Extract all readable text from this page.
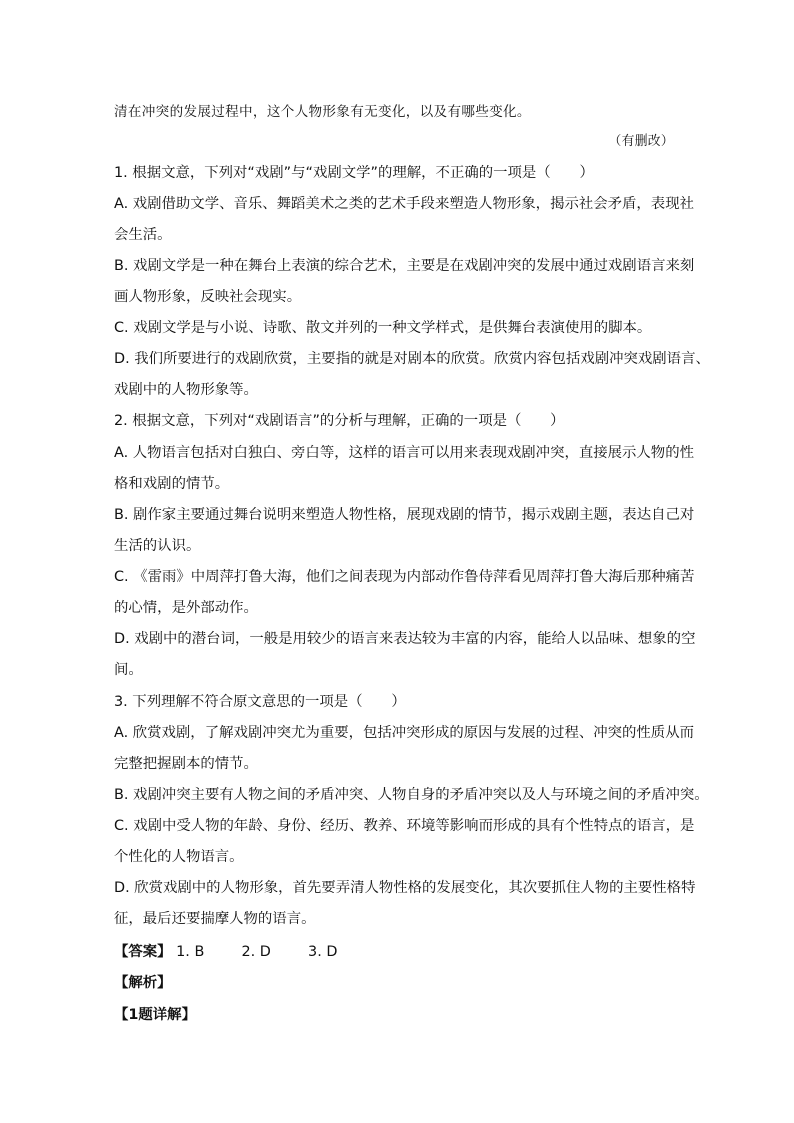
清在冲突的发展过程中，这个人物形象有无变化，以及有哪些变化。
（有删改）
1. 根据文意，下列对“戏剧”与“戏剧文学”的理解，不正确的一项是（　　）
A. 戏剧借助文学、音乐、舞蹈美术之类的艺术手段来塑造人物形象，揭示社会矛盾，表现社
会生活。
B. 戏剧文学是一种在舞台上表演的综合艺术，主要是在戏剧冲突的发展中通过戏剧语言来刻
画人物形象，反映社会现实。
C. 戏剧文学是与小说、诗歌、散文并列的一种文学样式，是供舞台表演使用的脚本。
D. 我们所要进行的戏剧欣赏，主要指的就是对剧本的欣赏。欣赏内容包括戏剧冲突戏剧语言、
戏剧中的人物形象等。
2. 根据文意，下列对“戏剧语言”的分析与理解，正确的一项是（　　）
A. 人物语言包括对白独白、旁白等，这样的语言可以用来表现戏剧冲突，直接展示人物的性
格和戏剧的情节。
B. 剧作家主要通过舞台说明来塑造人物性格，展现戏剧的情节，揭示戏剧主题，表达自己对
生活的认识。
C. 《雷雨》中周萍打鲁大海，他们之间表现为内部动作鲁侍萍看见周萍打鲁大海后那种痛苦
的心情，是外部动作。
D. 戏剧中的潜台词，一般是用较少的语言来表达较为丰富的内容，能给人以品味、想象的空
间。
3. 下列理解不符合原文意思的一项是（　　）
A. 欣赏戏剧，了解戏剧冲突尤为重要，包括冲突形成的原因与发展的过程、冲突的性质从而
完整把握剧本的情节。
B. 戏剧冲突主要有人物之间的矛盾冲突、人物自身的矛盾冲突以及人与环境之间的矛盾冲突。
C. 戏剧中受人物的年龄、身份、经历、教养、环境等影响而形成的具有个性特点的语言，是
个性化的人物语言。
D. 欣赏戏剧中的人物形象，首先要弄清人物性格的发展变化，其次要抓住人物的主要性格特
征，最后还要揣摩人物的语言。
【答案】 1. B	2. D	3. D
【解析】
【1题详解】
